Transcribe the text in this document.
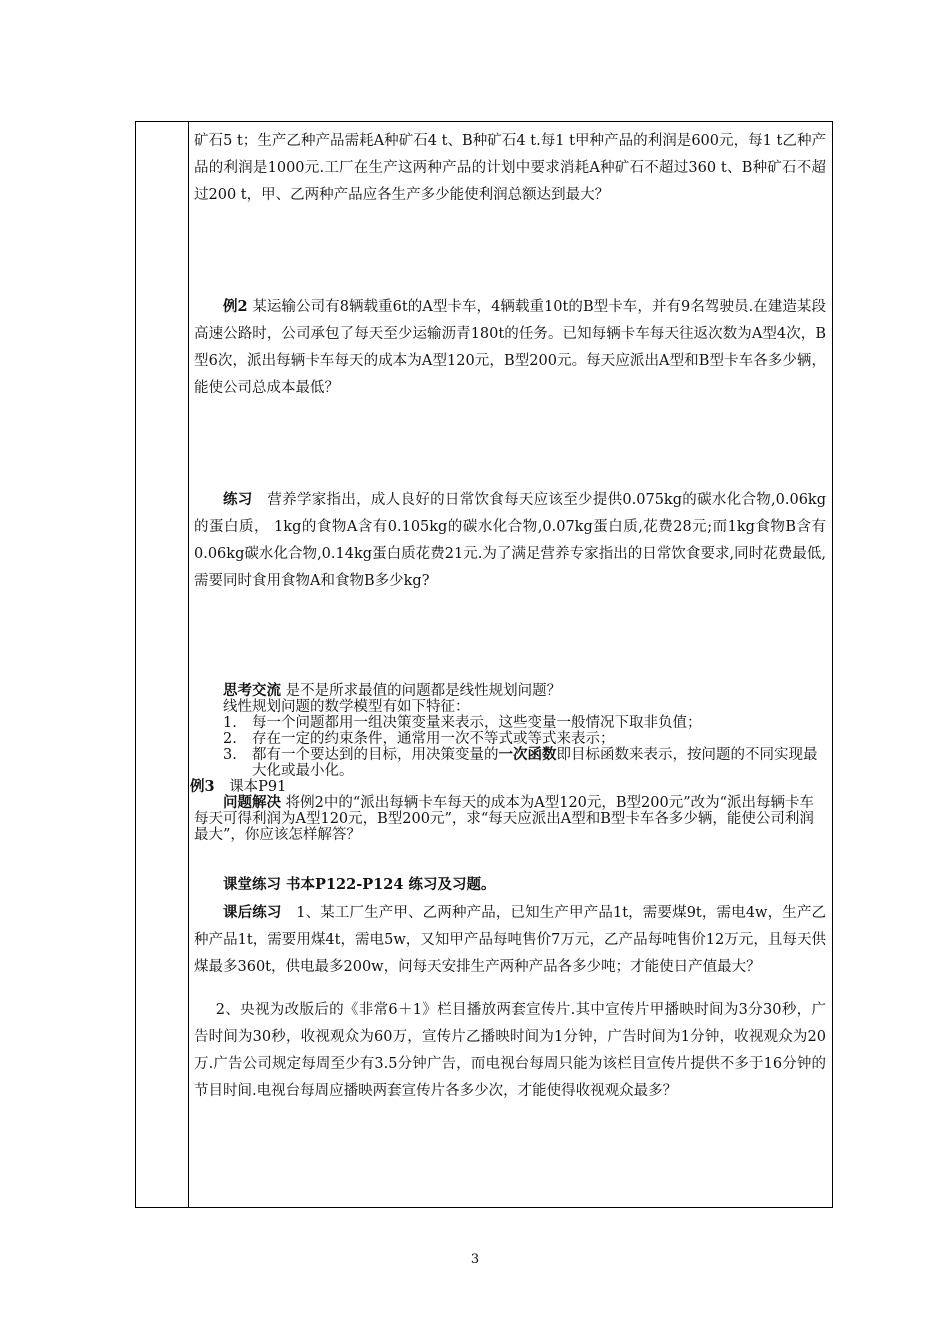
矿石5 t；生产乙种产品需耗A种矿石4 t、B种矿石4 t.每1 t甲种产品的利润是600元，每1 t乙种产品的利润是1000元.工厂在生产这两种产品的计划中要求消耗A种矿石不超过360 t、B种矿石不超过200 t，甲、乙两种产品应各生产多少能使利润总额达到最大？

例2 某运输公司有8辆载重6t的A型卡车，4辆载重10t的B型卡车，并有9名驾驶员.在建造某段高速公路时，公司承包了每天至少运输沥青180t的任务。已知每辆卡车每天往返次数为A型4次，B型6次，派出每辆卡车每天的成本为A型120元，B型200元。每天应派出A型和B型卡车各多少辆，能使公司总成本最低？

练习　营养学家指出，成人良好的日常饮食每天应该至少提供0.075kg的碳水化合物,0.06kg的蛋白质， 1kg的食物A含有0.105kg的碳水化合物,0.07kg蛋白质,花费28元;而1kg食物B含有0.06kg碳水化合物,0.14kg蛋白质花费21元.为了满足营养专家指出的日常饮食要求,同时花费最低,需要同时食用食物A和食物B多少kg?

思考交流 是不是所求最值的问题都是线性规划问题？

线性规划问题的数学模型有如下特征：

1.	每一个问题都用一组决策变量来表示，这些变量一般情况下取非负值；
2.	存在一定的约束条件，通常用一次不等式或等式来表示；
3.	都有一个要达到的目标，用决策变量的一次函数即目标函数来表示，按问题的不同实现最大化或最小化。

例3　课本P91

问题解决 将例2中的“派出每辆卡车每天的成本为A型120元，B型200元”改为“派出每辆卡车每天可得利润为A型120元，B型200元”，求“每天应派出A型和B型卡车各多少辆，能使公司利润最大”，你应该怎样解答？

课堂练习 书本P122-P124 练习及习题。

课后练习　1、某工厂生产甲、乙两种产品，已知生产甲产品1t，需要煤9t，需电4w，生产乙种产品1t，需要用煤4t，需电5w，又知甲产品每吨售价7万元，乙产品每吨售价12万元，且每天供煤最多360t，供电最多200w，问每天安排生产两种产品各多少吨；才能使日产值最大？

2、央视为改版后的《非常6＋1》栏目播放两套宣传片.其中宣传片甲播映时间为3分30秒，广告时间为30秒，收视观众为60万，宣传片乙播映时间为1分钟，广告时间为1分钟，收视观众为20万.广告公司规定每周至少有3.5分钟广告，而电视台每周只能为该栏目宣传片提供不多于16分钟的节目时间.电视台每周应播映两套宣传片各多少次，才能使得收视观众最多？

3
